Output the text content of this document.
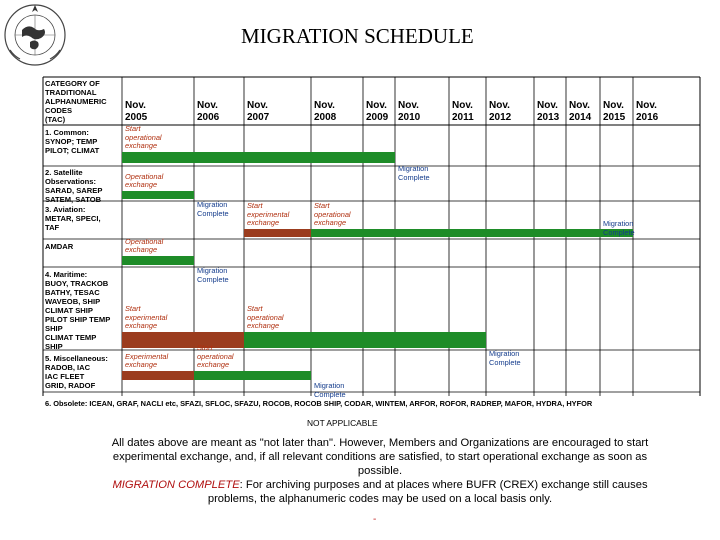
MIGRATION SCHEDULE
CATEGORY OF
TRADITIONAL
ALPHANUMERIC
CODES
(TAC)
1. Common:
SYNOP; TEMP
PILOT; CLIMAT
2. Satellite
Observations:
SARAD, SAREP
SATEM, SATOB
3. Aviation:
METAR, SPECI,
TAF
AMDAR
4. Maritime:
BUOY, TRACKOB
BATHY, TESAC
WAVEOB, SHIP
CLIMAT SHIP
PILOT SHIP TEMP
SHIP
CLIMAT TEMP
SHIP
5. Miscellaneous:
RADOB, IAC
IAC FLEET
GRID, RADOF
Nov.
2005
Nov.
2006
Nov.
2007
Nov.
2008
Nov.
2009
Nov.
2010
Nov.
2011
Nov.
2012
Nov.
2013
Nov.
2014
Nov.
2015
Nov.
2016
Start
operational
exchange
Migration
Complete
Operational
exchange
Migration
Complete
Start
experimental
exchange
Start
operational
exchange	Migration
Complete
Operational
exchange
Migration
Complete
Start
experimental
exchange
Start
operational
exchange
Migration
Complete
Experimental
exchange
Start
operational
exchange
Migration
Complete
6. Obsolete: ICEAN, GRAF, NACLI etc, SFAZI, SFLOC, SFAZU, ROCOB, ROCOB SHIP, CODAR, WINTEM, ARFOR, ROFOR, RADREP, MAFOR, HYDRA, HYFOR
NOT APPLICABLE

All dates above are meant as "not later than". However, Members and Organizations are encouraged to start experimental exchange, and, if all relevant conditions are satisfied, to start operational exchange as soon as possible.

MIGRATION COMPLETE: For archiving purposes and at places where BUFR (CREX) exchange still causes problems, the alphanumeric codes may be used on a local basis only.

-
